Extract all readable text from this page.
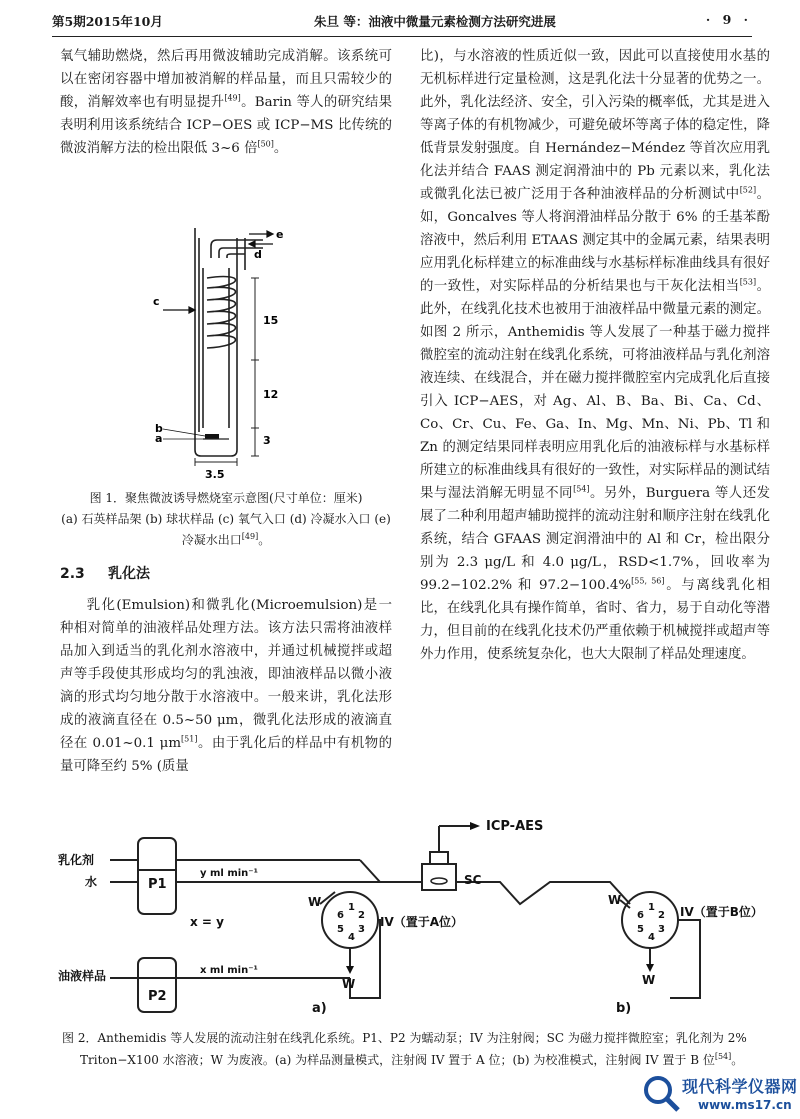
第5期2015年10月	朱旦 等：油液中微量元素检测方法研究进展	· 9 ·

氧气辅助燃烧，然后再用微波辅助完成消解。该系统可以在密闭容器中增加被消解的样品量，而且只需较少的酸，消解效率也有明显提升[49]。Barin 等人的研究结果表明利用该系统结合 ICP−OES 或 ICP−MS 比传统的微波消解方法的检出限低 3~6 倍[50]。

e
d
c
b
a
15
12
3
3.5
图 1．聚焦微波诱导燃烧室示意图(尺寸单位：厘米)
(a) 石英样品架 (b) 球状样品 (c) 氧气入口 (d) 冷凝水入口 (e)
冷凝水出口[49]。
2.3 乳化法

乳化(Emulsion)和微乳化(Microemulsion)是一种相对简单的油液样品处理方法。该方法只需将油液样品加入到适当的乳化剂水溶液中，并通过机械搅拌或超声等手段使其形成均匀的乳浊液，即油液样品以微小液滴的形式均匀地分散于水溶液中。一般来讲，乳化法形成的液滴直径在 0.5~50 μm，微乳化法形成的液滴直径在 0.01~0.1 μm[51]。由于乳化后的样品中有机物的量可降至约 5% (质量

比)，与水溶液的性质近似一致，因此可以直接使用水基的无机标样进行定量检测，这是乳化法十分显著的优势之一。此外，乳化法经济、安全，引入污染的概率低，尤其是进入等离子体的有机物减少，可避免破坏等离子体的稳定性，降低背景发射强度。自 Hernández−Méndez 等首次应用乳化法并结合 FAAS 测定润滑油中的 Pb 元素以来，乳化法或微乳化法已被广泛用于各种油液样品的分析测试中[52]。如，Goncalves 等人将润滑油样品分散于 6% 的壬基苯酚溶液中，然后利用 ETAAS 测定其中的金属元素，结果表明应用乳化标样建立的标准曲线与水基标样标准曲线具有很好的一致性，对实际样品的分析结果也与干灰化法相当[53]。此外，在线乳化技术也被用于油液样品中微量元素的测定。如图 2 所示，Anthemidis 等人发展了一种基于磁力搅拌微腔室的流动注射在线乳化系统，可将油液样品与乳化剂溶液连续、在线混合，并在磁力搅拌微腔室内完成乳化后直接引入 ICP−AES，对 Ag、Al、B、Ba、Bi、Ca、Cd、Co、Cr、Cu、Fe、Ga、In、Mg、Mn、Ni、Pb、Tl 和 Zn 的测定结果同样表明应用乳化后的油液标样与水基标样所建立的标准曲线具有很好的一致性，对实际样品的测试结果与湿法消解无明显不同[54]。另外，Burguera 等人还发展了二种利用超声辅助搅拌的流动注射和顺序注射在线乳化系统，结合 GFAAS 测定润滑油中的 Al 和 Cr，检出限分别为 2.3 μg/L 和 4.0 μg/L，RSD<1.7%，回收率为 99.2−102.2% 和 97.2−100.4%[55, 56]。与离线乳化相比，在线乳化具有操作简单，省时、省力，易于自动化等潜力，但目前的在线乳化技术仍严重依赖于机械搅拌或超声等外力作用，使系统复杂化，也大大限制了样品处理速度。

乳化剂
水
油液样品
P1
P2
y ml min⁻¹
x ml min⁻¹
x = y
ICP-AES
SC
W
W
W
W
IV（置于A位）
IV（置于B位）
a)	b)
1
2
3
4
5
6
1
2
3
4
5
6
图 2．Anthemidis 等人发展的流动注射在线乳化系统。P1、P2 为蠕动泵；IV 为注射阀；SC 为磁力搅拌微腔室；乳化剂为 2%
Triton−X100 水溶液；W 为废液。(a) 为样品测量模式，注射阀 IV 置于 A 位；(b) 为校准模式，注射阀 IV 置于 B 位[54]。
现代科学仪器网
www.ms17.cn
